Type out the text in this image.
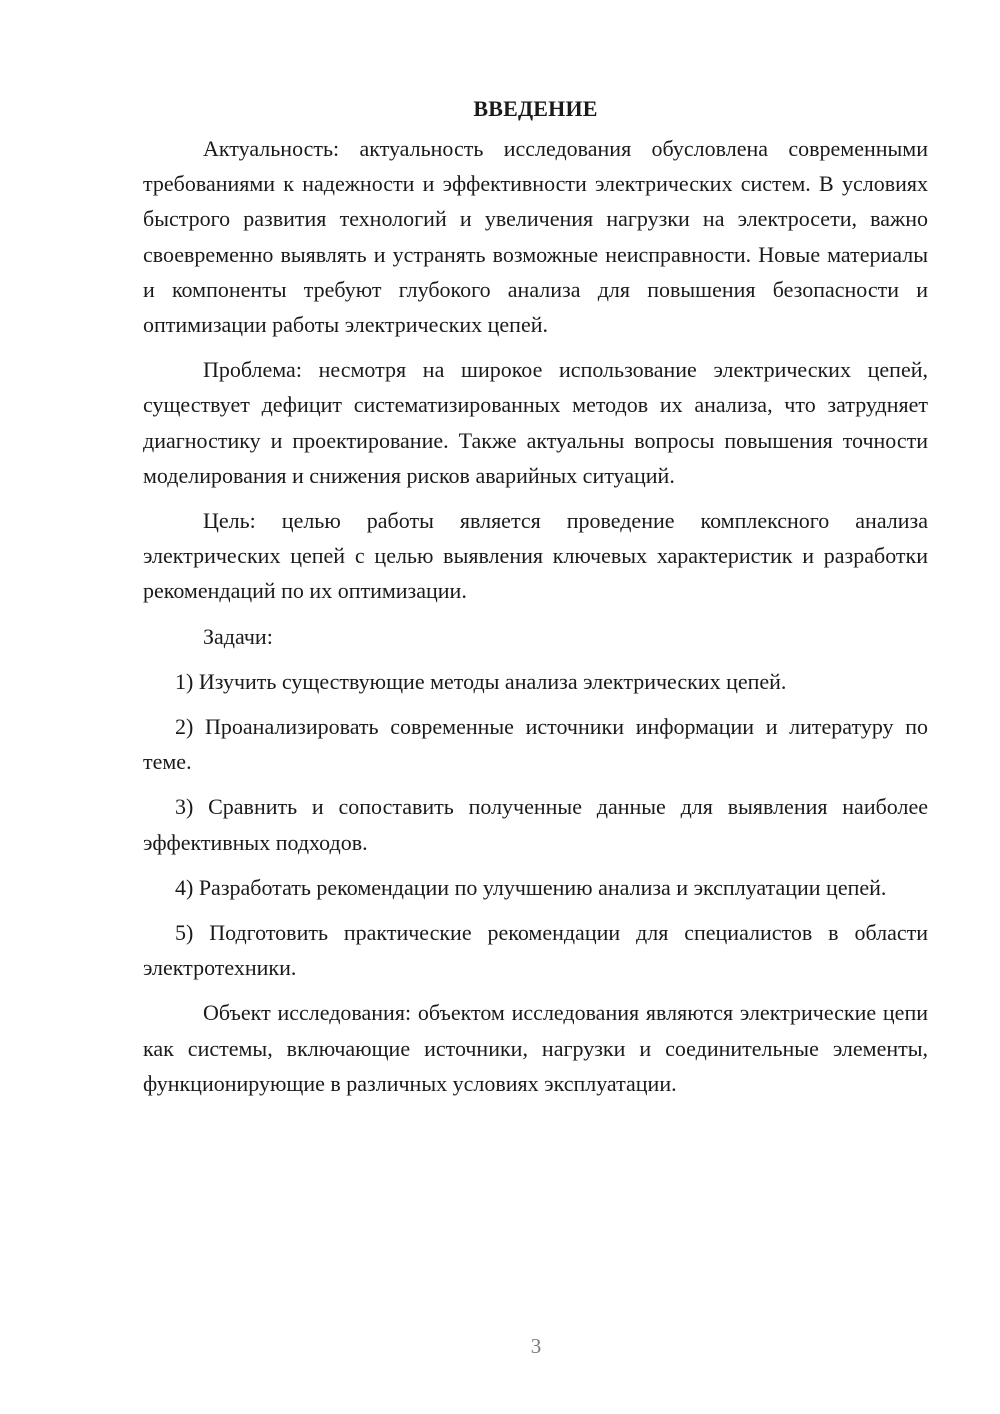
ВВЕДЕНИЕ

Актуальность: актуальность исследования обусловлена современными требованиями к надежности и эффективности электрических систем. В условиях быстрого развития технологий и увеличения нагрузки на электросети, важно своевременно выявлять и устранять возможные неисправности. Новые материалы и компоненты требуют глубокого анализа для повышения безопасности и оптимизации работы электрических цепей.

Проблема: несмотря на широкое использование электрических цепей, существует дефицит систематизированных методов их анализа, что затрудняет диагностику и проектирование. Также актуальны вопросы повышения точности моделирования и снижения рисков аварийных ситуаций.

Цель: целью работы является проведение комплексного анализа электрических цепей с целью выявления ключевых характеристик и разработки рекомендаций по их оптимизации.

Задачи:

1) Изучить существующие методы анализа электрических цепей.

2) Проанализировать современные источники информации и литературу по теме.

3) Сравнить и сопоставить полученные данные для выявления наиболее эффективных подходов.

4) Разработать рекомендации по улучшению анализа и эксплуатации цепей.

5) Подготовить практические рекомендации для специалистов в области электротехники.

Объект исследования: объектом исследования являются электрические цепи как системы, включающие источники, нагрузки и соединительные элементы, функционирующие в различных условиях эксплуатации.

3
